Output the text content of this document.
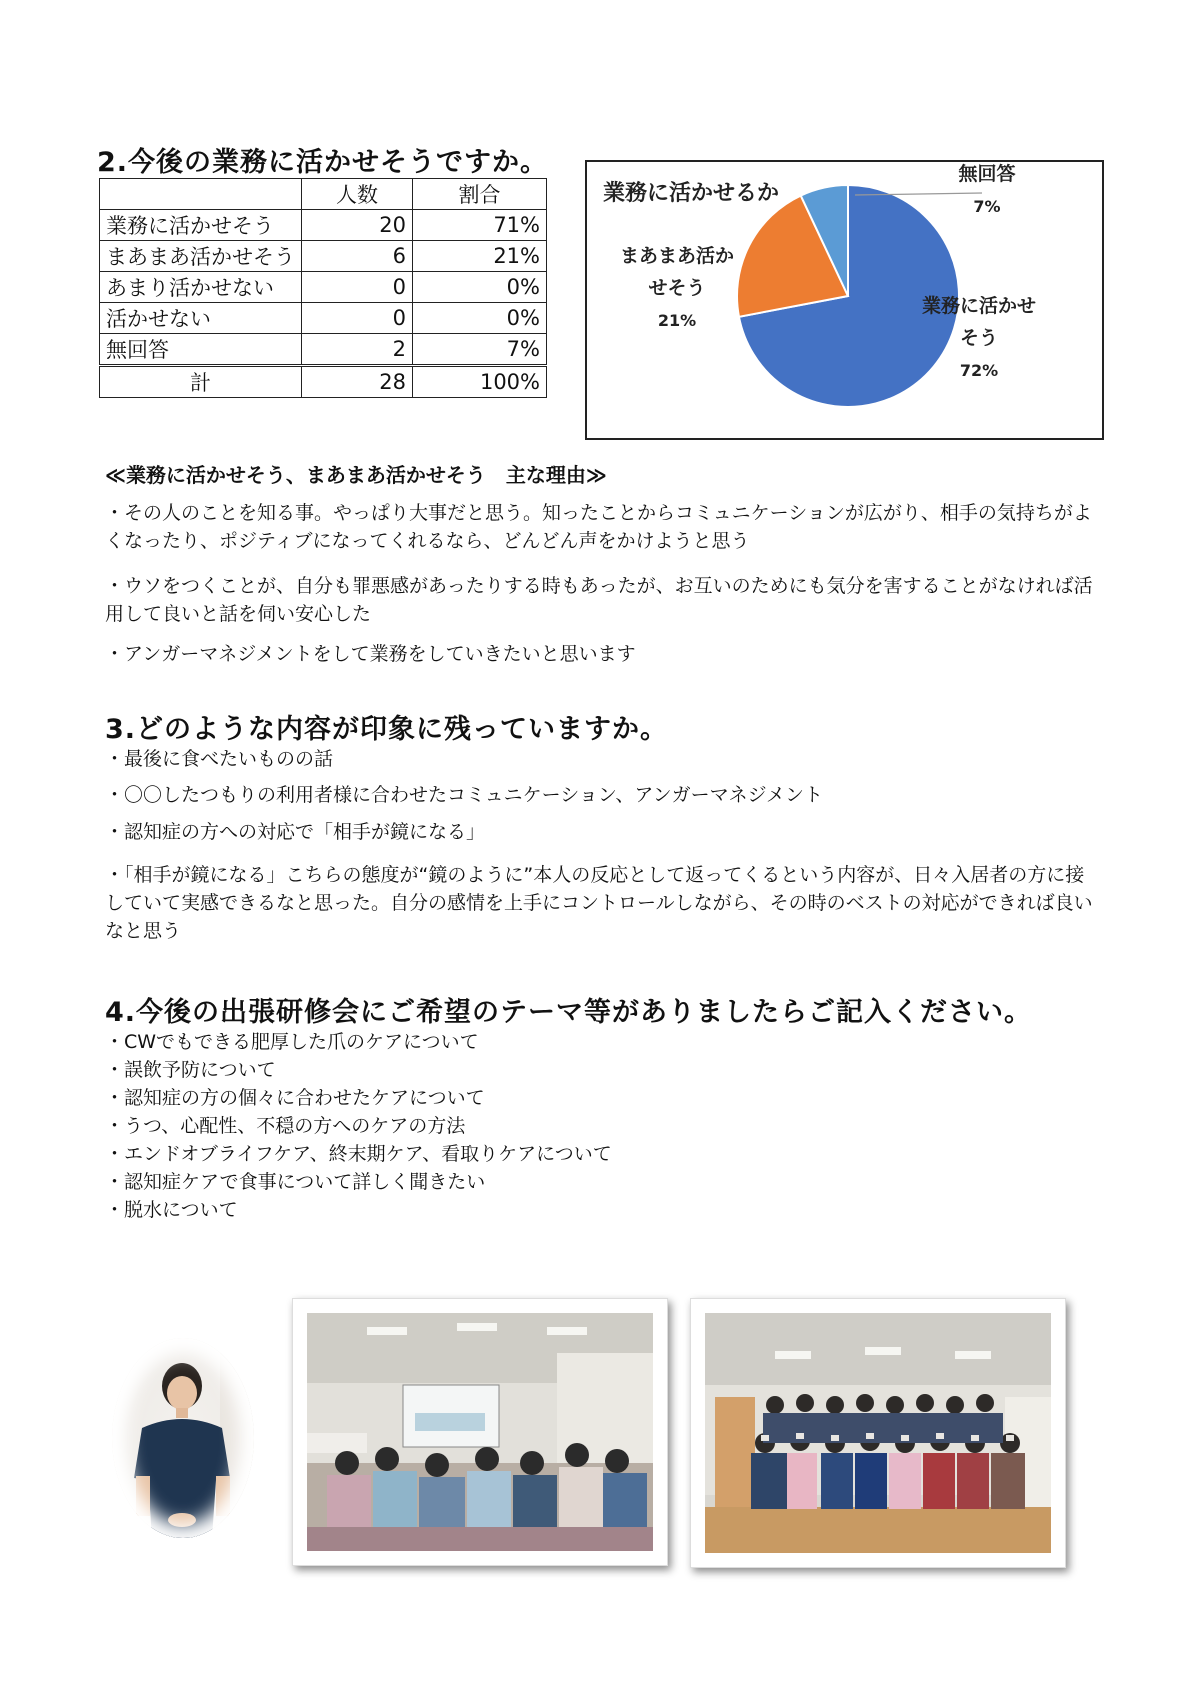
2.今後の業務に活かせそうですか。
	人数	割合
業務に活かせそう	20	71%
まあまあ活かせそう	6	21%
あまり活かせない	0	0%
活かせない	0	0%
無回答	2	7%
計	28	100%
業務に活かせるか
業務に活かせ
そう
72%
まあまあ活か
せそう
21%
無回答
7%
≪業務に活かせそう、まあまあ活かせそう　主な理由≫
・その人のことを知る事。やっぱり大事だと思う。知ったことからコミュニケーションが広がり、相手の気持ちがよくなったり、ポジティブになってくれるなら、どんどん声をかけようと思う
・ウソをつくことが、自分も罪悪感があったりする時もあったが、お互いのためにも気分を害することがなければ活用して良いと話を伺い安心した
・アンガーマネジメントをして業務をしていきたいと思います
3.どのような内容が印象に残っていますか。
・最後に食べたいものの話
・〇〇したつもりの利用者様に合わせたコミュニケーション、アンガーマネジメント
・認知症の方への対応で「相手が鏡になる」
・「相手が鏡になる」こちらの態度が“鏡のように”本人の反応として返ってくるという内容が、日々入居者の方に接していて実感できるなと思った。自分の感情を上手にコントロールしながら、その時のベストの対応ができれば良いなと思う
4.今後の出張研修会にご希望のテーマ等がありましたらご記入ください。
・CWでもできる肥厚した爪のケアについて
・誤飲予防について
・認知症の方の個々に合わせたケアについて
・うつ、心配性、不穏の方へのケアの方法
・エンドオブライフケア、終末期ケア、看取りケアについて
・認知症ケアで食事について詳しく聞きたい
・脱水について
